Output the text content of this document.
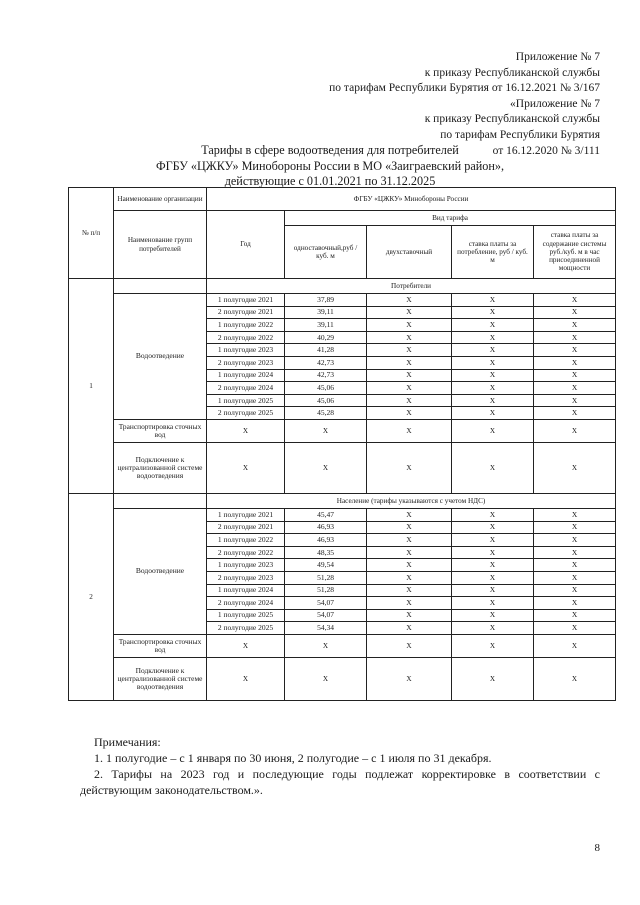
Приложение № 7
к приказу Республиканской службы
по тарифам Республики Бурятия от 16.12.2021 № 3/167
«Приложение № 7
к приказу Республиканской службы
по тарифам Республики Бурятия
от 16.12.2020 № 3/111
Тарифы в сфере водоотведения для потребителей
ФГБУ «ЦЖКУ» Минобороны России в МО «Заиграевский район»,
действующие с 01.01.2021 по 31.12.2025
№ п/п	Наименование организации	ФГБУ «ЦЖКУ» Минобороны России				
	Наименование групп потребителей	Год	Вид тарифа			
			одноставочный,руб / куб. м	двухставочный	ставка платы за потребление, руб / куб. м	ставка платы за содержание системы руб./куб. м в час присоединенной мощности
1		Потребители				
	Водоотведение	1 полугодие 2021	37,89	X	X	X
		2 полугодие 2021	39,11	X	X	X
		1 полугодие 2022	39,11	X	X	X
		2 полугодие 2022	40,29	X	X	X
		1 полугодие 2023	41,28	X	X	X
		2 полугодие 2023	42,73	X	X	X
		1 полугодие 2024	42,73	X	X	X
		2 полугодие 2024	45,06	X	X	X
		1 полугодие 2025	45,06	X	X	X
		2 полугодие 2025	45,28	X	X	X
	Транспортировка сточных вод	X	X	X	X	X
	Подключение к централизованной системе водоотведения	X	X	X	X	X
2		Население (тарифы указываются с учетом НДС)				
	Водоотведение	1 полугодие 2021	45,47	X	X	X
		2 полугодие 2021	46,93	X	X	X
		1 полугодие 2022	46,93	X	X	X
		2 полугодие 2022	48,35	X	X	X
		1 полугодие 2023	49,54	X	X	X
		2 полугодие 2023	51,28	X	X	X
		1 полугодие 2024	51,28	X	X	X
		2 полугодие 2024	54,07	X	X	X
		1 полугодие 2025	54,07	X	X	X
		2 полугодие 2025	54,34	X	X	X
	Транспортировка сточных вод	X	X	X	X	X
	Подключение к централизованной системе водоотведения	X	X	X	X	X

Примечания:

1. 1 полугодие – с 1 января по 30 июня, 2 полугодие – с 1 июля по 31 декабря.

2. Тарифы на 2023 год и последующие годы подлежат корректировке в соответствии с действующим законодательством.».

8
